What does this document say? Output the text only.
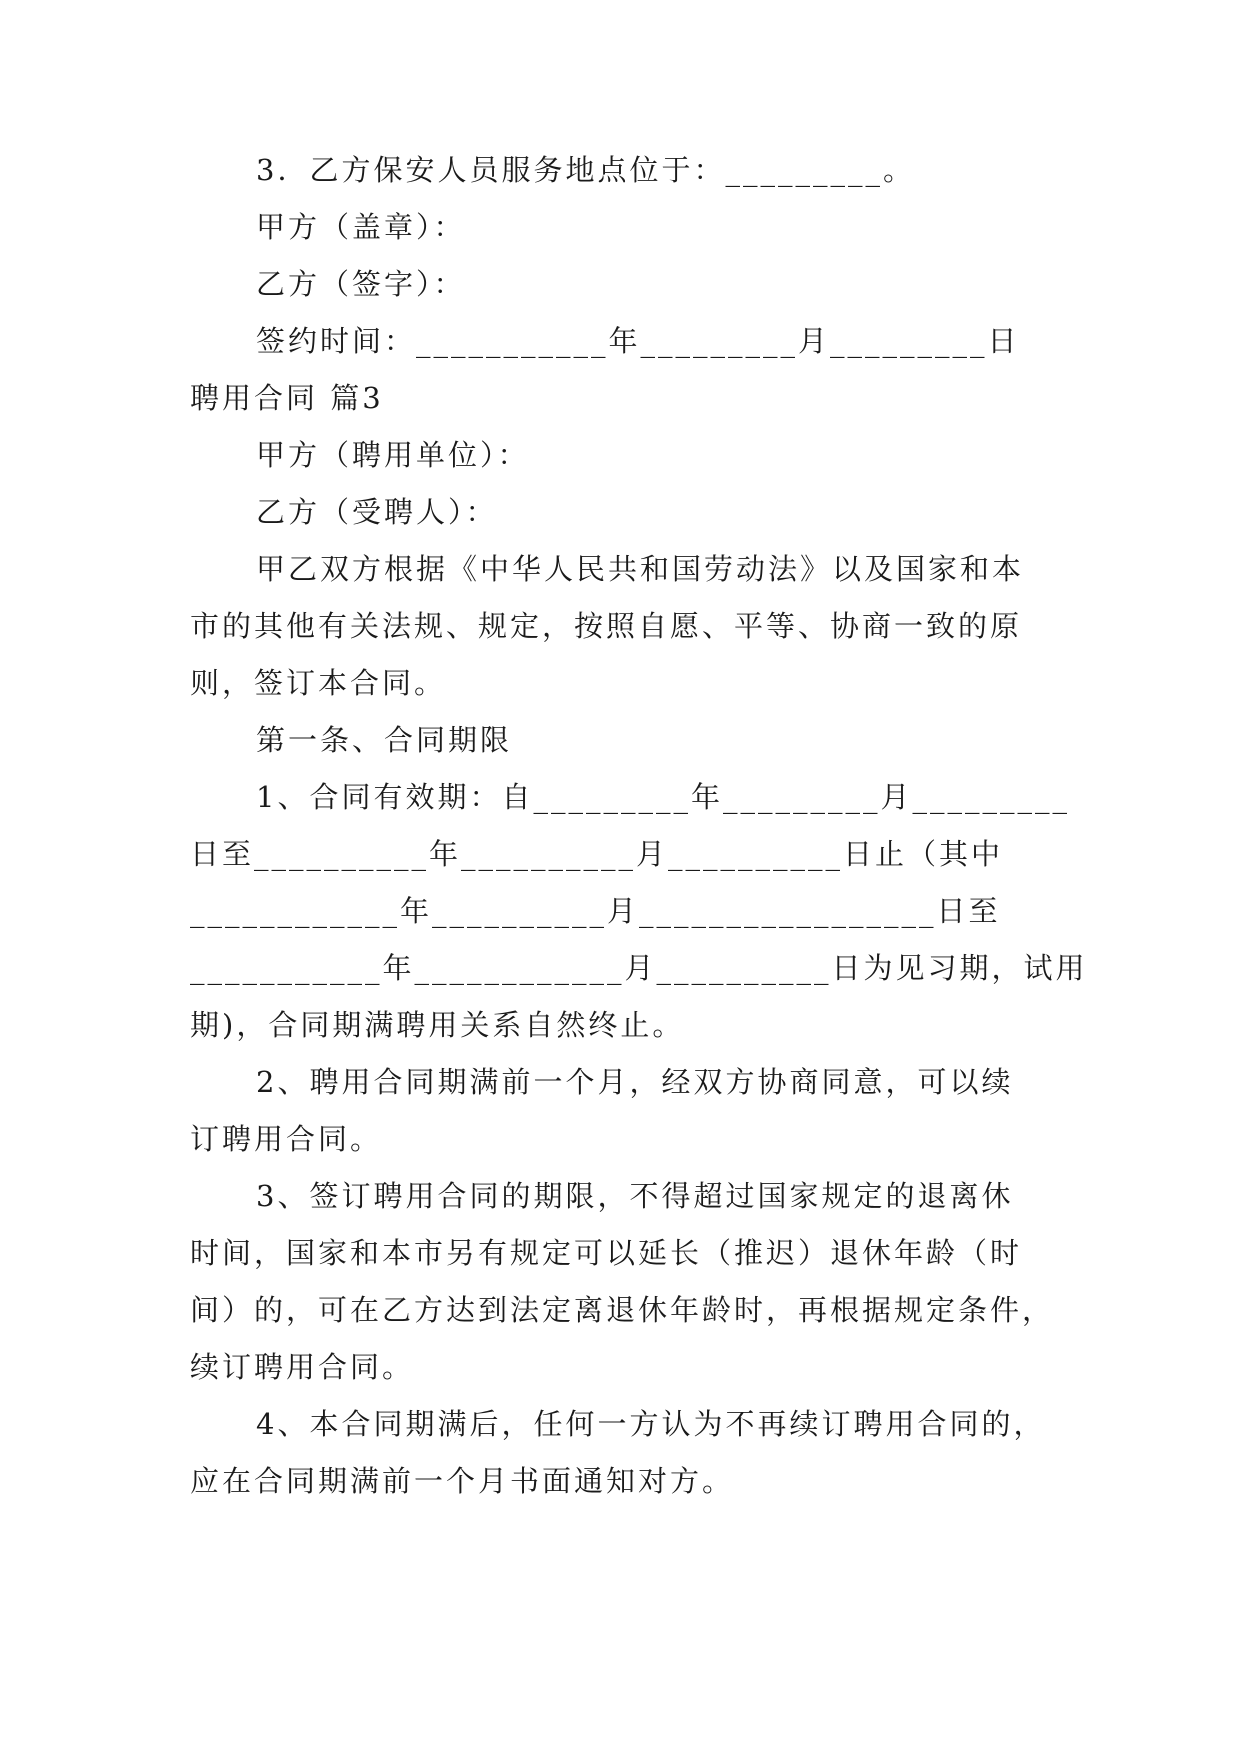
3．乙方保安人员服务地点位于：_________。
甲方（盖章）：
乙方（签字）：
签约时间：___________年_________月_________日
聘用合同 篇3
甲方（聘用单位）：
乙方（受聘人）：
甲乙双方根据《中华人民共和国劳动法》以及国家和本
市的其他有关法规、规定，按照自愿、平等、协商一致的原
则，签订本合同。
第一条、合同期限
1、合同有效期：自_________年_________月_________
日至__________年__________月__________日止（其中
____________年__________月_________________日至
___________年____________月__________日为见习期，试用
期)，合同期满聘用关系自然终止。
2、聘用合同期满前一个月，经双方协商同意，可以续
订聘用合同。
3、签订聘用合同的期限，不得超过国家规定的退离休
时间，国家和本市另有规定可以延长（推迟）退休年龄（时
间）的，可在乙方达到法定离退休年龄时，再根据规定条件，
续订聘用合同。
4、本合同期满后，任何一方认为不再续订聘用合同的，
应在合同期满前一个月书面通知对方。
